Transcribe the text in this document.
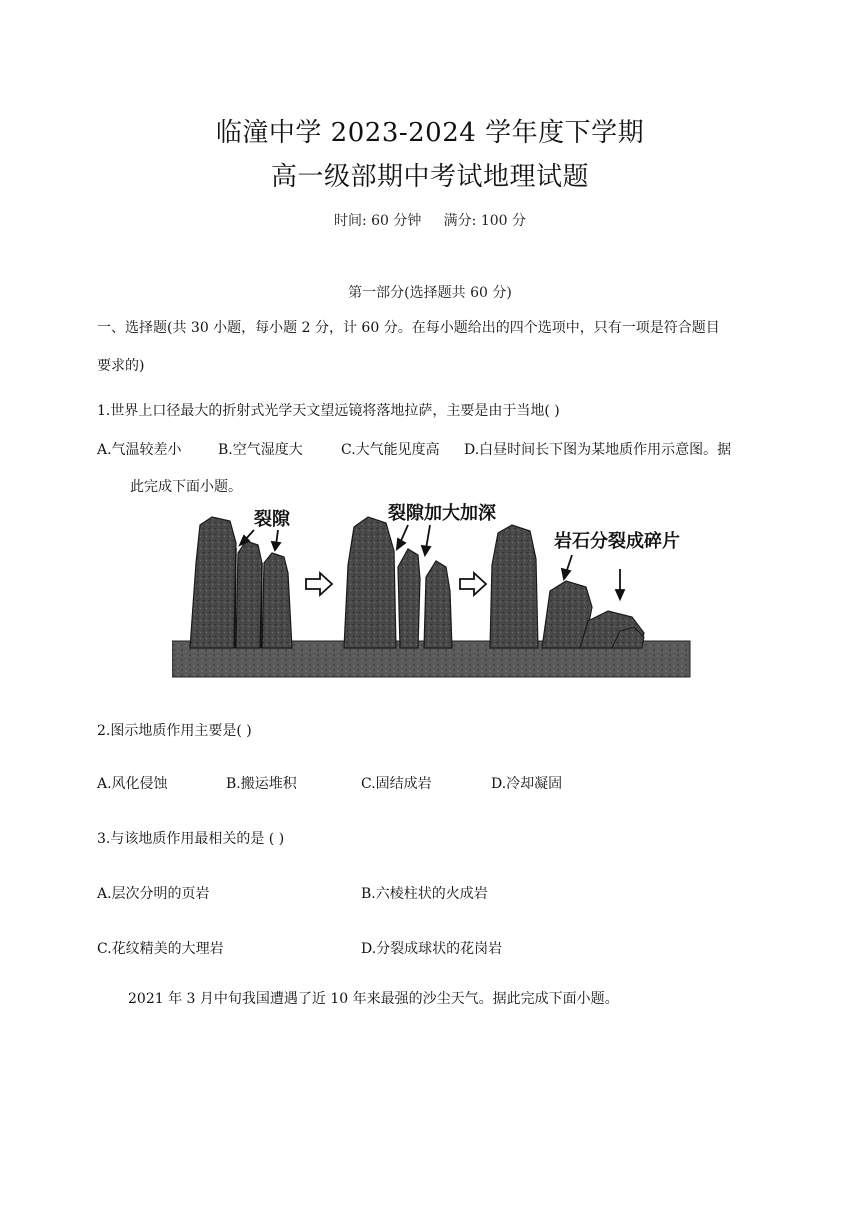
临潼中学 2023-2024 学年度下学期
高一级部期中考试地理试题
时间: 60 分钟     满分: 100 分
第一部分(选择题共 60 分)
一、选择题(共 30 小题，每小题 2 分，计 60 分。在每小题给出的四个选项中，只有一项是符合题目
要求的)
1.世界上口径最大的折射式光学天文望远镜将落地拉萨，主要是由于当地( )
A.气温较差小	B.空气湿度大	C.大气能见度高 D.白昼时间长下图为某地质作用示意图。据
此完成下面小题。
裂隙	裂隙加大加深
岩石分裂成碎片
2.图示地质作用主要是( )
A.风化侵蚀	B.搬运堆积	C.固结成岩	D.冷却凝固
3.与该地质作用最相关的是 ( )
A.层次分明的页岩	B.六棱柱状的火成岩
C.花纹精美的大理岩	D.分裂成球状的花岗岩
2021 年 3 月中旬我国遭遇了近 10 年来最强的沙尘天气。据此完成下面小题。
